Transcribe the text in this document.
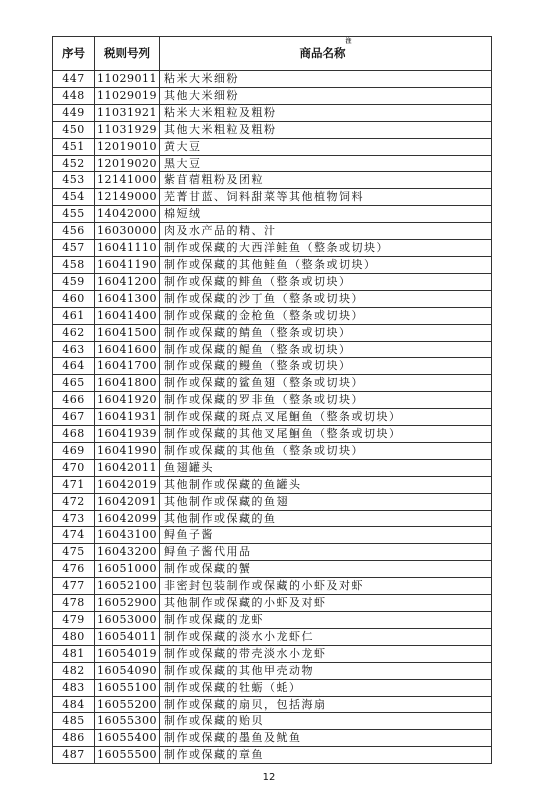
序号	税则号列	商品名称$^注$
447	11029011	粘米大米细粉
448	11029019	其他大米细粉
449	11031921	粘米大米粗粒及粗粉
450	11031929	其他大米粗粒及粗粉
451	12019010	黄大豆
452	12019020	黑大豆
453	12141000	紫苜蓿粗粉及团粒
454	12149000	芜菁甘蓝、饲料甜菜等其他植物饲料
455	14042000	棉短绒
456	16030000	肉及水产品的精、汁
457	16041110	制作或保藏的大西洋鲑鱼（整条或切块）
458	16041190	制作或保藏的其他鲑鱼（整条或切块）
459	16041200	制作或保藏的鲱鱼（整条或切块）
460	16041300	制作或保藏的沙丁鱼（整条或切块）
461	16041400	制作或保藏的金枪鱼（整条或切块）
462	16041500	制作或保藏的鲭鱼（整条或切块）
463	16041600	制作或保藏的鳀鱼（整条或切块）
464	16041700	制作或保藏的鳗鱼（整条或切块）
465	16041800	制作或保藏的鲨鱼翅（整条或切块）
466	16041920	制作或保藏的罗非鱼（整条或切块）
467	16041931	制作或保藏的斑点叉尾鮰鱼（整条或切块）
468	16041939	制作或保藏的其他叉尾鮰鱼（整条或切块）
469	16041990	制作或保藏的其他鱼（整条或切块）
470	16042011	鱼翅罐头
471	16042019	其他制作或保藏的鱼罐头
472	16042091	其他制作或保藏的鱼翅
473	16042099	其他制作或保藏的鱼
474	16043100	鲟鱼子酱
475	16043200	鲟鱼子酱代用品
476	16051000	制作或保藏的蟹
477	16052100	非密封包装制作或保藏的小虾及对虾
478	16052900	其他制作或保藏的小虾及对虾
479	16053000	制作或保藏的龙虾
480	16054011	制作或保藏的淡水小龙虾仁
481	16054019	制作或保藏的带壳淡水小龙虾
482	16054090	制作或保藏的其他甲壳动物
483	16055100	制作或保藏的牡蛎（蚝）
484	16055200	制作或保藏的扇贝，包括海扇
485	16055300	制作或保藏的贻贝
486	16055400	制作或保藏的墨鱼及鱿鱼
487	16055500	制作或保藏的章鱼
12
